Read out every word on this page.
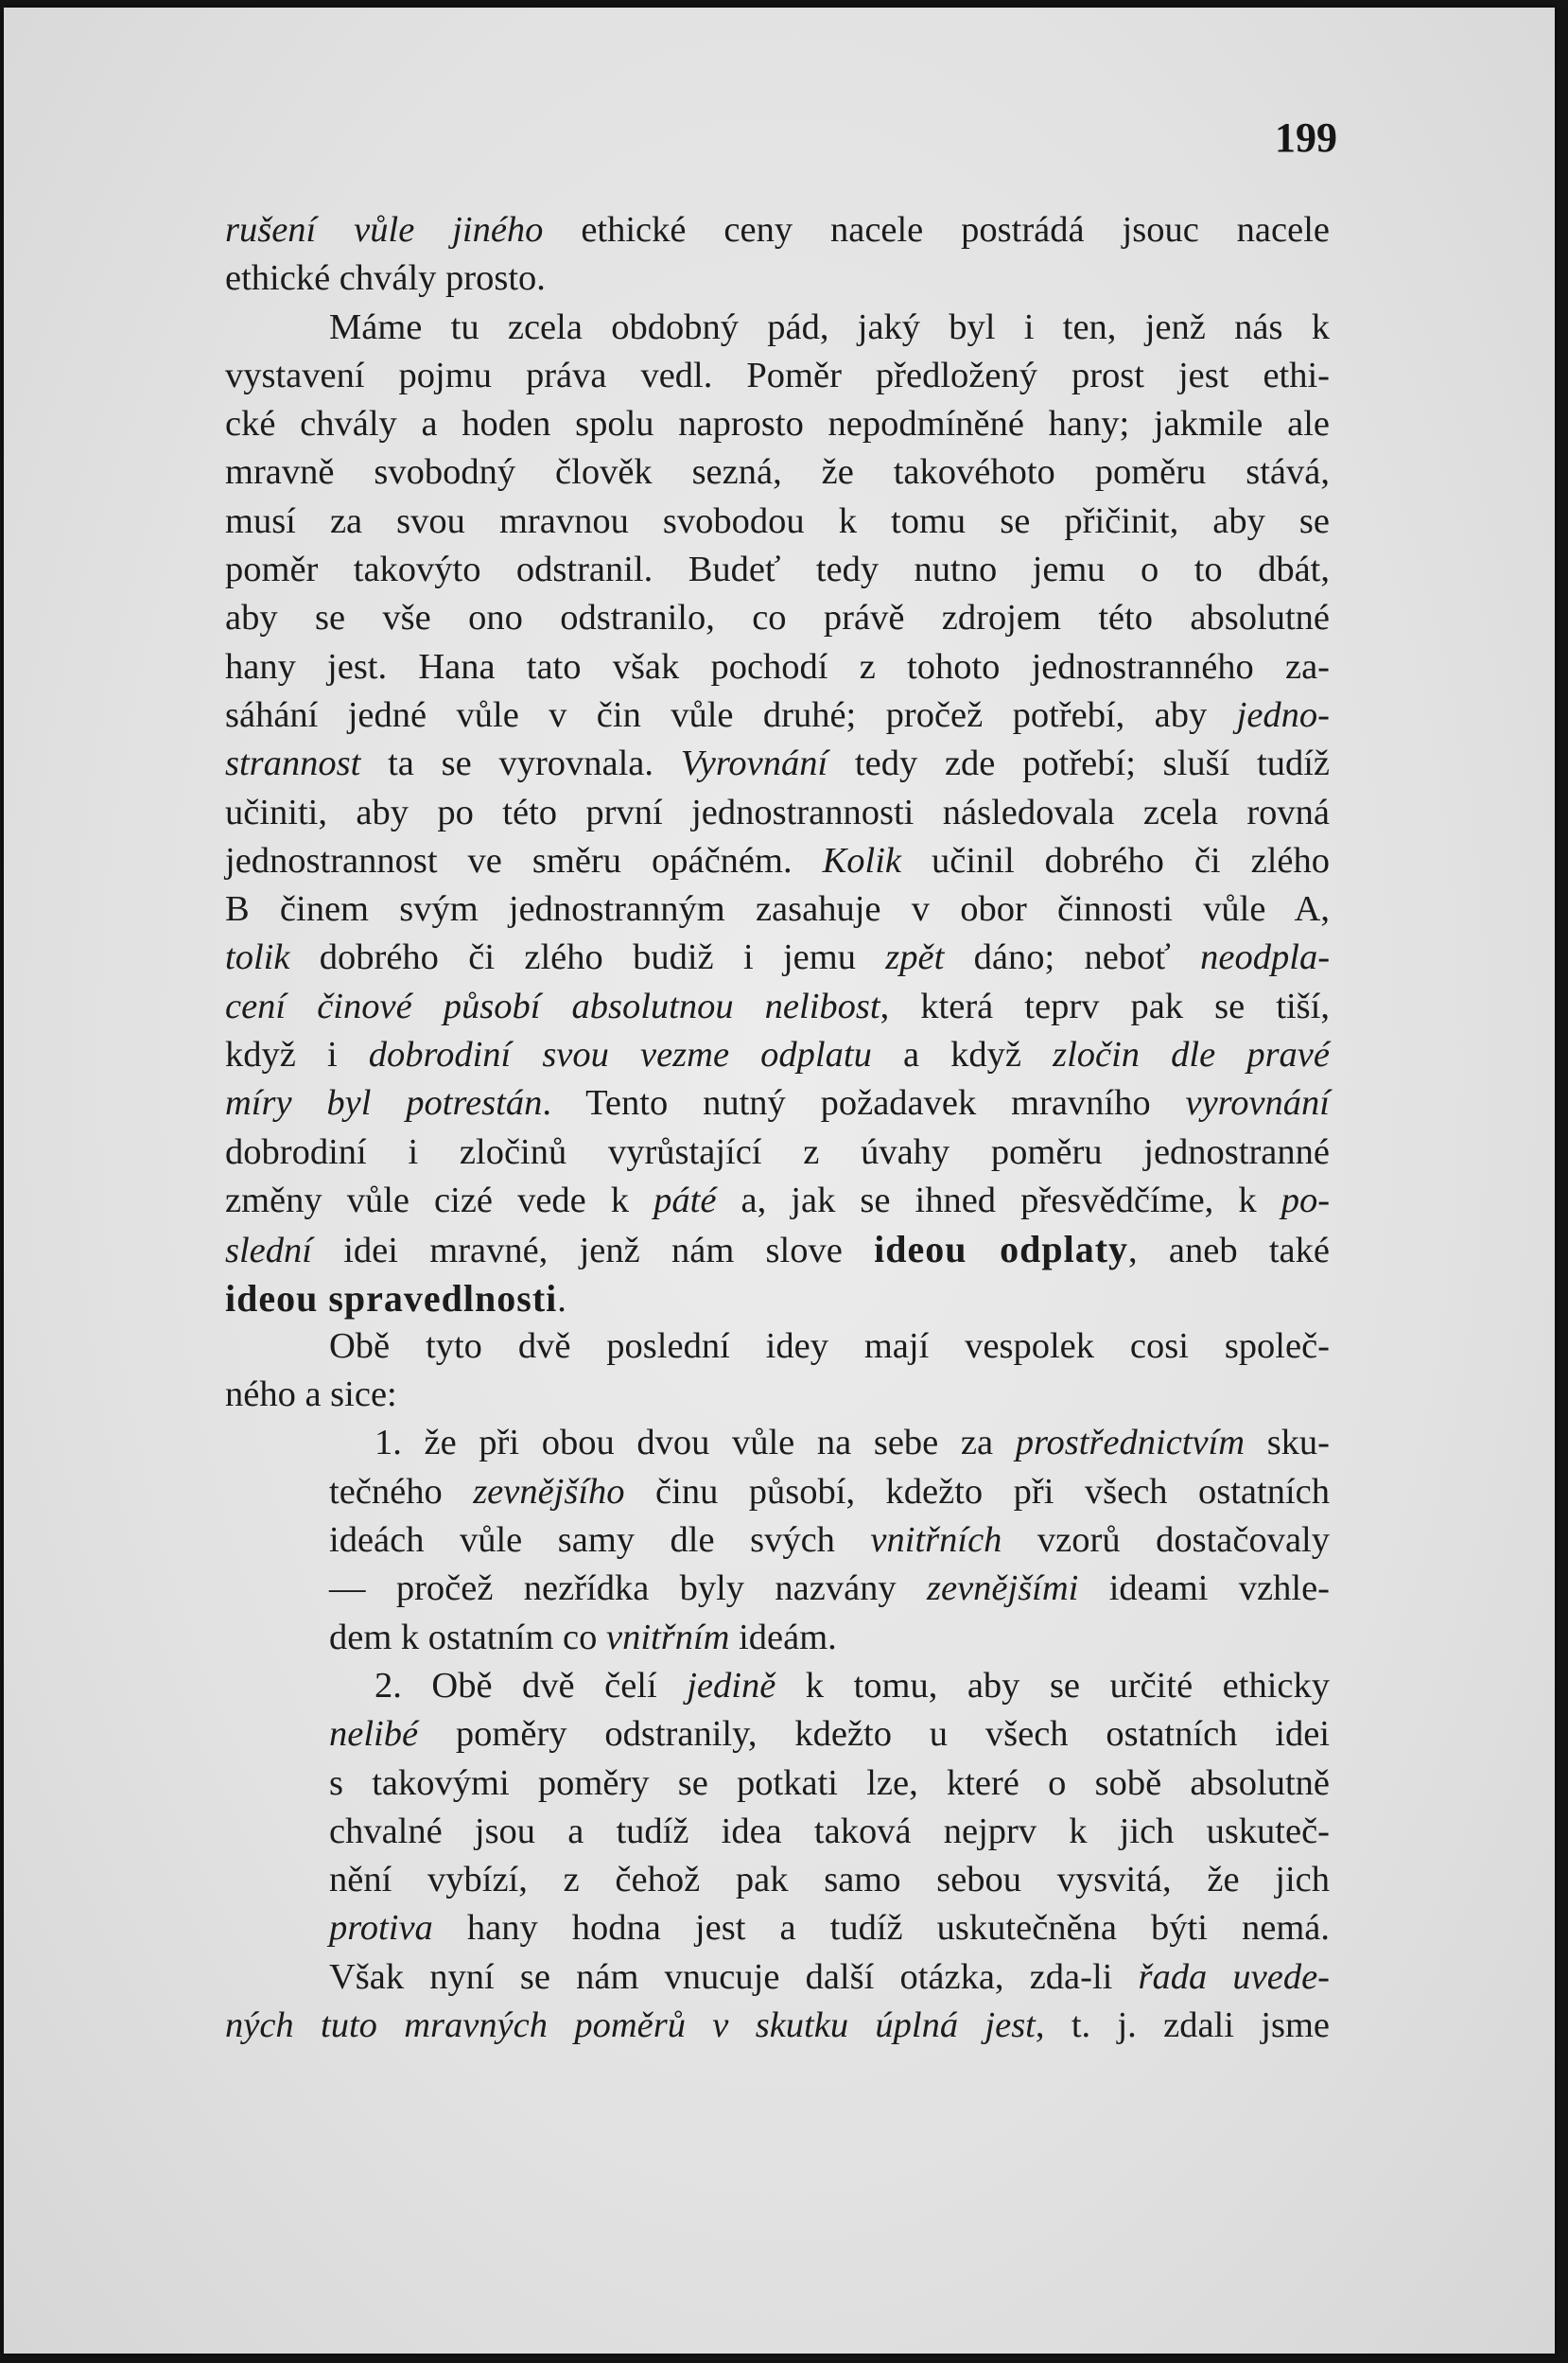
199
rušení vůle jiného ethické ceny nacele postrádá jsouc nacele
ethické chvály prosto.
Máme tu zcela obdobný pád, jaký byl i ten, jenž nás k
vystavení pojmu práva vedl. Poměr předložený prost jest ethi-
cké chvály a hoden spolu naprosto nepodmíněné hany; jakmile ale
mravně svobodný člověk sezná, že takovéhoto poměru stává,
musí za svou mravnou svobodou k tomu se přičinit, aby se
poměr takovýto odstranil. Budeť tedy nutno jemu o to dbát,
aby se vše ono odstranilo, co právě zdrojem této absolutné
hany jest. Hana tato však pochodí z tohoto jednostranného za-
sáhání jedné vůle v čin vůle druhé; pročež potřebí, aby jedno-
strannost ta se vyrovnala. Vyrovnání tedy zde potřebí; sluší tudíž
učiniti, aby po této první jednostrannosti následovala zcela rovná
jednostrannost ve směru opáčném. Kolik učinil dobrého či zlého
B činem svým jednostranným zasahuje v obor činnosti vůle A,
tolik dobrého či zlého budiž i jemu zpět dáno; neboť neodpla-
cení činové působí absolutnou nelibost, která teprv pak se tiší,
když i dobrodiní svou vezme odplatu a když zločin dle pravé
míry byl potrestán. Tento nutný požadavek mravního vyrovnání
dobrodiní i zločinů vyrůstající z úvahy poměru jednostranné
změny vůle cizé vede k páté a, jak se ihned přesvědčíme, k po-
slední idei mravné, jenž nám slove ideou odplaty, aneb také
ideou spravedlnosti.
Obě tyto dvě poslední idey mají vespolek cosi společ-
ného a sice:
1. že při obou dvou vůle na sebe za prostřednictvím sku-
tečného zevnějšího činu působí, kdežto při všech ostatních
ideách vůle samy dle svých vnitřních vzorů dostačovaly
— pročež nezřídka byly nazvány zevnějšími ideami vzhle-
dem k ostatním co vnitřním ideám.
2. Obě dvě čelí jedině k tomu, aby se určité ethicky
nelibé poměry odstranily, kdežto u všech ostatních idei
s takovými poměry se potkati lze, které o sobě absolutně
chvalné jsou a tudíž idea taková nejprv k jich uskuteč-
nění vybízí, z čehož pak samo sebou vysvitá, že jich
protiva hany hodna jest a tudíž uskutečněna býti nemá.
Však nyní se nám vnucuje další otázka, zda-li řada uvede-
ných tuto mravných poměrů v skutku úplná jest, t. j. zdali jsme
